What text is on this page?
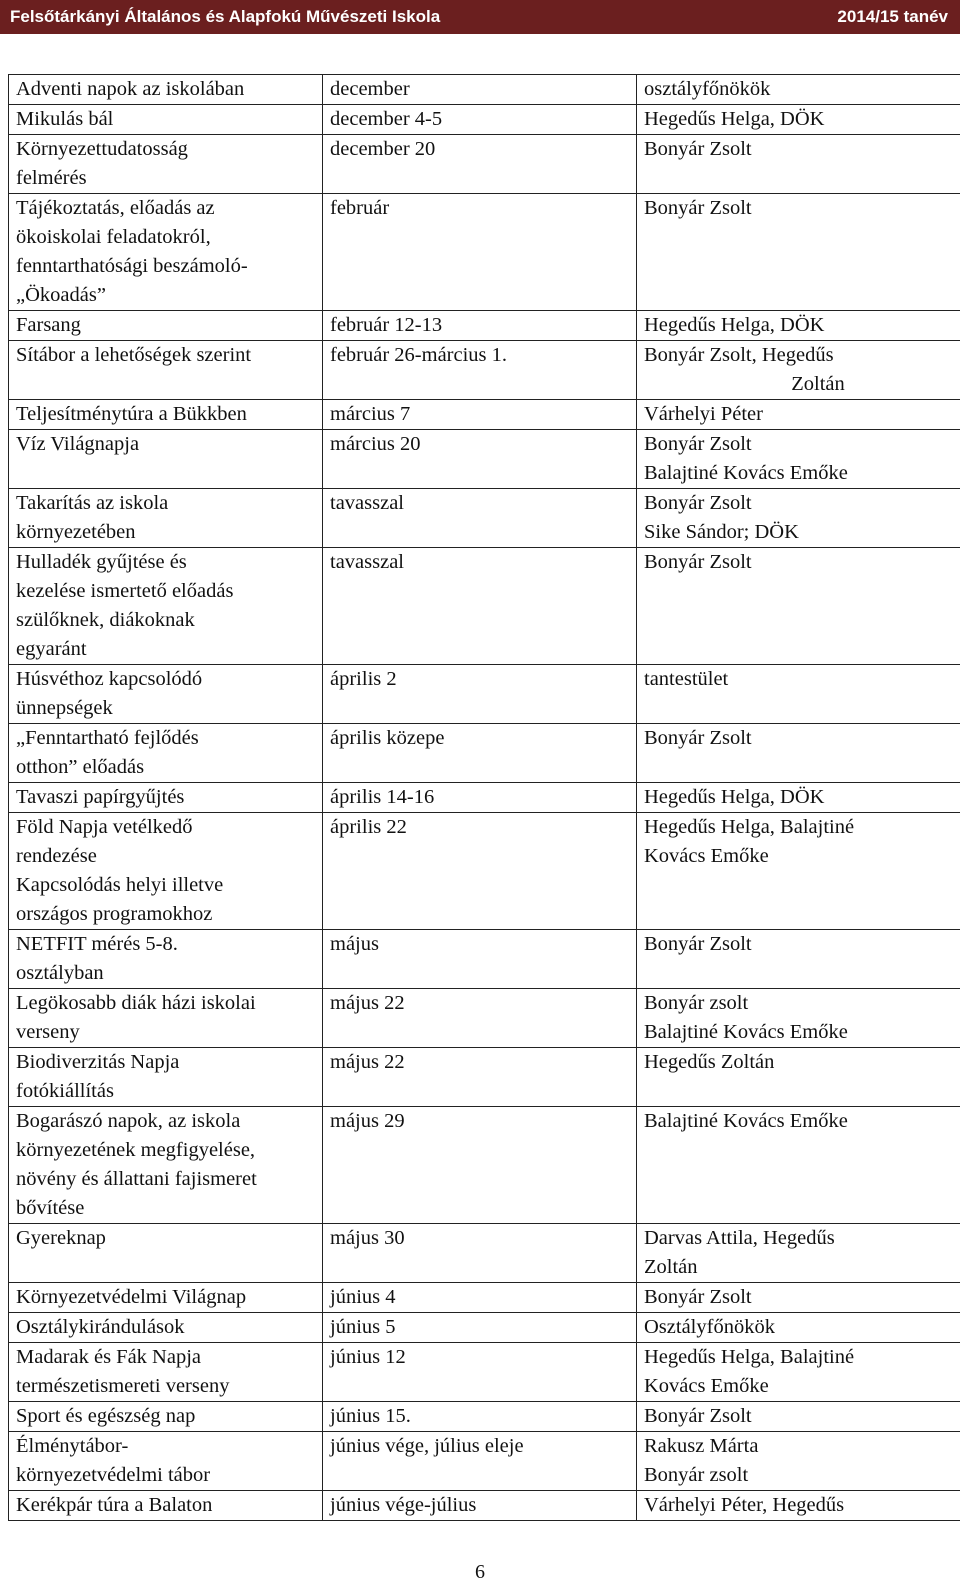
Felsőtárkányi Általános és Alapfokú Művészeti Iskola	2014/15 tanév
Adventi napok az iskolában	december	osztályfőnökök

Mikulás bál	december 4-5	Hegedűs Helga, DÖK

Környezettudatosság
felmérés	december 20	Bonyár Zsolt

Tájékoztatás, előadás az
ökoiskolai feladatokról,
fenntarthatósági beszámoló-
„Ökoadás”	február	Bonyár Zsolt

Farsang	február 12-13	Hegedűs Helga, DÖK

Sítábor a lehetőségek szerint	február 26-március 1.	Bonyár Zsolt, Hegedűs
Zoltán

Teljesítménytúra a Bükkben	március 7	Várhelyi Péter

Víz Világnapja	március 20	Bonyár Zsolt
Balajtiné Kovács Emőke

Takarítás az iskola
környezetében	tavasszal	Bonyár Zsolt
Sike Sándor; DÖK

Hulladék gyűjtése és
kezelése ismertető előadás
szülőknek, diákoknak
egyaránt	tavasszal	Bonyár Zsolt

Húsvéthoz kapcsolódó
ünnepségek	április 2	tantestület

„Fenntartható fejlődés
otthon” előadás	április közepe	Bonyár Zsolt

Tavaszi papírgyűjtés	április 14-16	Hegedűs Helga, DÖK

Föld Napja vetélkedő
rendezése
Kapcsolódás helyi illetve
országos programokhoz	április 22	Hegedűs Helga, Balajtiné
Kovács Emőke

NETFIT mérés 5-8.
osztályban	május	Bonyár Zsolt

Legökosabb diák házi iskolai
verseny	május 22	Bonyár zsolt
Balajtiné Kovács Emőke

Biodiverzitás Napja
fotókiállítás	május 22	Hegedűs Zoltán

Bogarászó napok, az iskola
környezetének megfigyelése,
növény és állattani fajismeret
bővítése	május 29	Balajtiné Kovács Emőke

Gyereknap	május 30	Darvas Attila, Hegedűs
Zoltán

Környezetvédelmi Világnap	június 4	Bonyár Zsolt

Osztálykirándulások	június 5	Osztályfőnökök

Madarak és Fák Napja
természetismereti verseny	június 12	Hegedűs Helga, Balajtiné
Kovács Emőke

Sport és egészség nap	június 15.	Bonyár Zsolt

Élménytábor-
környezetvédelmi tábor	június vége, július eleje	Rakusz Márta
Bonyár zsolt

Kerékpár túra a Balaton	június vége-július	Várhelyi Péter, Hegedűs
6
